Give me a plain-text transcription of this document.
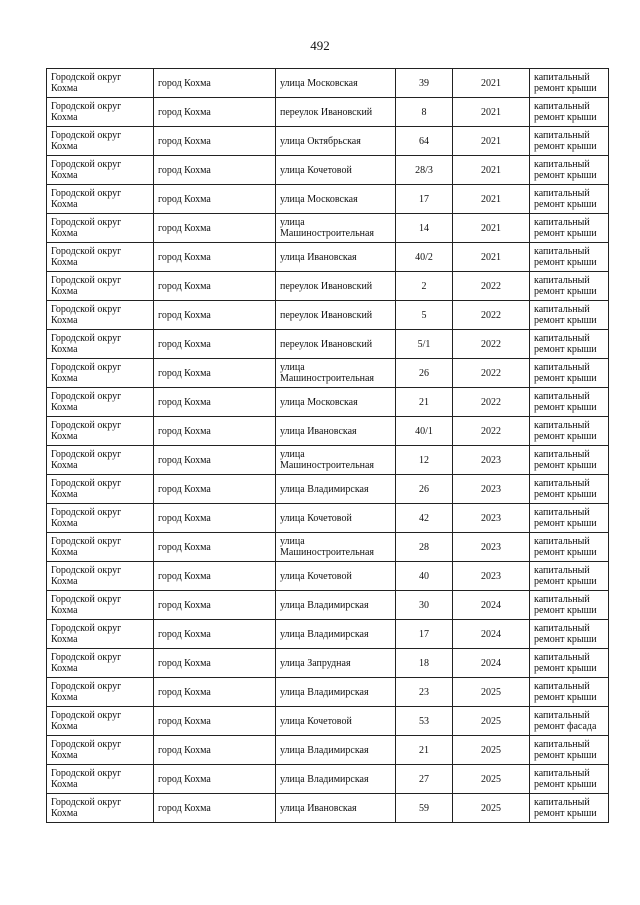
492
Городской округ Кохма	город Кохма	улица Московская	39	2021	капитальный ремонт крыши
Городской округ Кохма	город Кохма	переулок Ивановский	8	2021	капитальный ремонт крыши
Городской округ Кохма	город Кохма	улица Октябрьская	64	2021	капитальный ремонт крыши
Городской округ Кохма	город Кохма	улица Кочетовой	28/3	2021	капитальный ремонт крыши
Городской округ Кохма	город Кохма	улица Московская	17	2021	капитальный ремонт крыши
Городской округ Кохма	город Кохма	улица Машиностроительная	14	2021	капитальный ремонт крыши
Городской округ Кохма	город Кохма	улица Ивановская	40/2	2021	капитальный ремонт крыши
Городской округ Кохма	город Кохма	переулок Ивановский	2	2022	капитальный ремонт крыши
Городской округ Кохма	город Кохма	переулок Ивановский	5	2022	капитальный ремонт крыши
Городской округ Кохма	город Кохма	переулок Ивановский	5/1	2022	капитальный ремонт крыши
Городской округ Кохма	город Кохма	улица Машиностроительная	26	2022	капитальный ремонт крыши
Городской округ Кохма	город Кохма	улица Московская	21	2022	капитальный ремонт крыши
Городской округ Кохма	город Кохма	улица Ивановская	40/1	2022	капитальный ремонт крыши
Городской округ Кохма	город Кохма	улица Машиностроительная	12	2023	капитальный ремонт крыши
Городской округ Кохма	город Кохма	улица Владимирская	26	2023	капитальный ремонт крыши
Городской округ Кохма	город Кохма	улица Кочетовой	42	2023	капитальный ремонт крыши
Городской округ Кохма	город Кохма	улица Машиностроительная	28	2023	капитальный ремонт крыши
Городской округ Кохма	город Кохма	улица Кочетовой	40	2023	капитальный ремонт крыши
Городской округ Кохма	город Кохма	улица Владимирская	30	2024	капитальный ремонт крыши
Городской округ Кохма	город Кохма	улица Владимирская	17	2024	капитальный ремонт крыши
Городской округ Кохма	город Кохма	улица Запрудная	18	2024	капитальный ремонт крыши
Городской округ Кохма	город Кохма	улица Владимирская	23	2025	капитальный ремонт крыши
Городской округ Кохма	город Кохма	улица Кочетовой	53	2025	капитальный ремонт фасада
Городской округ Кохма	город Кохма	улица Владимирская	21	2025	капитальный ремонт крыши
Городской округ Кохма	город Кохма	улица Владимирская	27	2025	капитальный ремонт крыши
Городской округ Кохма	город Кохма	улица Ивановская	59	2025	капитальный ремонт крыши
